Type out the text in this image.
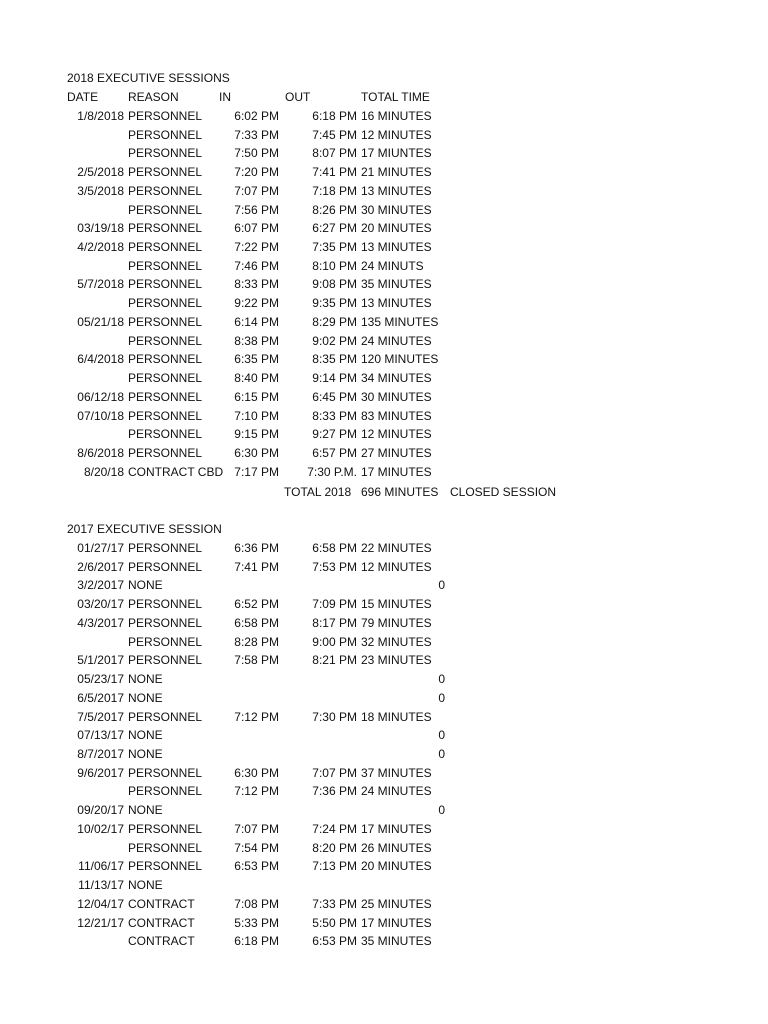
2018 EXECUTIVE SESSIONS
DATE REASON	IN	OUT	TOTAL TIME
1/8/2018 PERSONNEL	6:02 PM	6:18 PM 16 MINUTES
PERSONNEL	7:33 PM	7:45 PM 12 MINUTES
PERSONNEL	7:50 PM	8:07 PM 17 MIUNTES
2/5/2018 PERSONNEL	7:20 PM	7:41 PM 21 MINUTES
3/5/2018 PERSONNEL	7:07 PM	7:18 PM 13 MINUTES
PERSONNEL	7:56 PM	8:26 PM 30 MINUTES
03/19/18 PERSONNEL	6:07 PM	6:27 PM 20 MINUTES
4/2/2018 PERSONNEL	7:22 PM	7:35 PM 13 MINUTES
PERSONNEL	7:46 PM	8:10 PM 24 MINUTS
5/7/2018 PERSONNEL	8:33 PM	9:08 PM 35 MINUTES
PERSONNEL	9:22 PM	9:35 PM 13 MINUTES
05/21/18 PERSONNEL	6:14 PM	8:29 PM 135 MINUTES
PERSONNEL	8:38 PM	9:02 PM 24 MINUTES
6/4/2018 PERSONNEL	6:35 PM	8:35 PM 120 MINUTES
PERSONNEL	8:40 PM	9:14 PM 34 MINUTES
06/12/18 PERSONNEL	6:15 PM	6:45 PM 30 MINUTES
07/10/18 PERSONNEL	7:10 PM	8:33 PM 83 MINUTES
PERSONNEL	9:15 PM	9:27 PM 12 MINUTES
8/6/2018 PERSONNEL	6:30 PM	6:57 PM 27 MINUTES
8/20/18 CONTRACT CBD 7:17 PM	7:30 P.M. 17 MINUTES
TOTAL 2018 696 MINUTES CLOSED SESSION
2017 EXECUTIVE SESSION
01/27/17 PERSONNEL	6:36 PM	6:58 PM 22 MINUTES
2/6/2017 PERSONNEL	7:41 PM	7:53 PM 12 MINUTES
3/2/2017 NONE	0
03/20/17 PERSONNEL	6:52 PM	7:09 PM 15 MINUTES
4/3/2017 PERSONNEL	6:58 PM	8:17 PM 79 MINUTES
PERSONNEL	8:28 PM	9:00 PM 32 MINUTES
5/1/2017 PERSONNEL	7:58 PM	8:21 PM 23 MINUTES
05/23/17 NONE	0
6/5/2017 NONE	0
7/5/2017 PERSONNEL	7:12 PM	7:30 PM 18 MINUTES
07/13/17 NONE	0
8/7/2017 NONE	0
9/6/2017 PERSONNEL	6:30 PM	7:07 PM 37 MINUTES
PERSONNEL	7:12 PM	7:36 PM 24 MINUTES
09/20/17 NONE	0
10/02/17 PERSONNEL	7:07 PM	7:24 PM 17 MINUTES
PERSONNEL	7:54 PM	8:20 PM 26 MINUTES
11/06/17 PERSONNEL	6:53 PM	7:13 PM 20 MINUTES
11/13/17 NONE
12/04/17 CONTRACT	7:08 PM	7:33 PM 25 MINUTES
12/21/17 CONTRACT	5:33 PM	5:50 PM 17 MINUTES
CONTRACT	6:18 PM	6:53 PM 35 MINUTES
